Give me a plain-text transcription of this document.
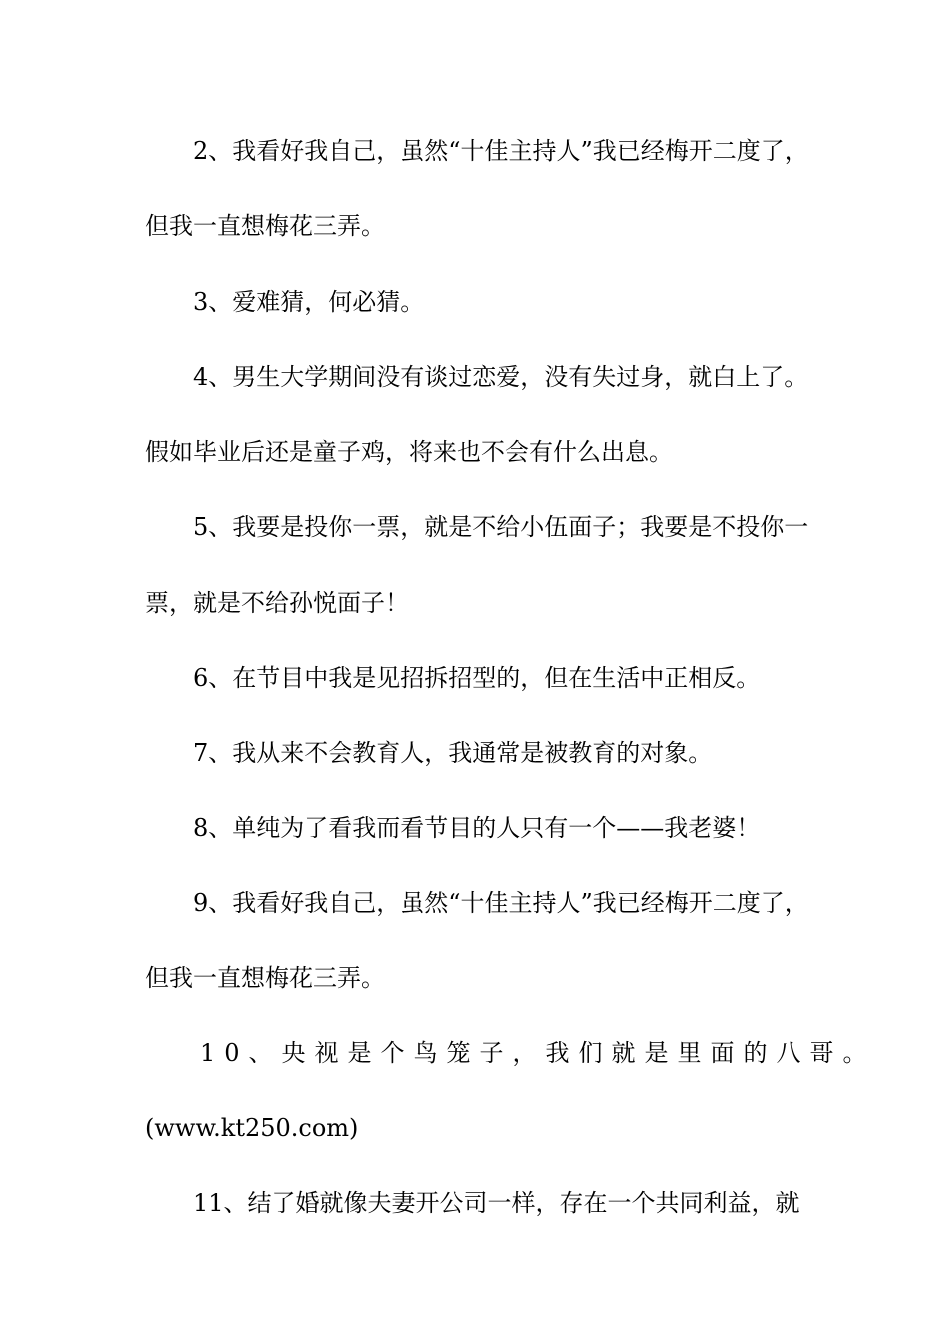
2、我看好我自己，虽然“十佳主持人”我已经梅开二度了，
但我一直想梅花三弄。
3、爱难猜，何必猜。
4、男生大学期间没有谈过恋爱，没有失过身，就白上了。
假如毕业后还是童子鸡，将来也不会有什么出息。
5、我要是投你一票，就是不给小伍面子；我要是不投你一
票，就是不给孙悦面子！
6、在节目中我是见招拆招型的，但在生活中正相反。
7、我从来不会教育人，我通常是被教育的对象。
8、单纯为了看我而看节目的人只有一个——我老婆！
9、我看好我自己，虽然“十佳主持人”我已经梅开二度了，
但我一直想梅花三弄。
10、央视是个鸟笼子，我们就是里面的八哥。
(www.kt250.com)
11、结了婚就像夫妻开公司一样，存在一个共同利益，就
